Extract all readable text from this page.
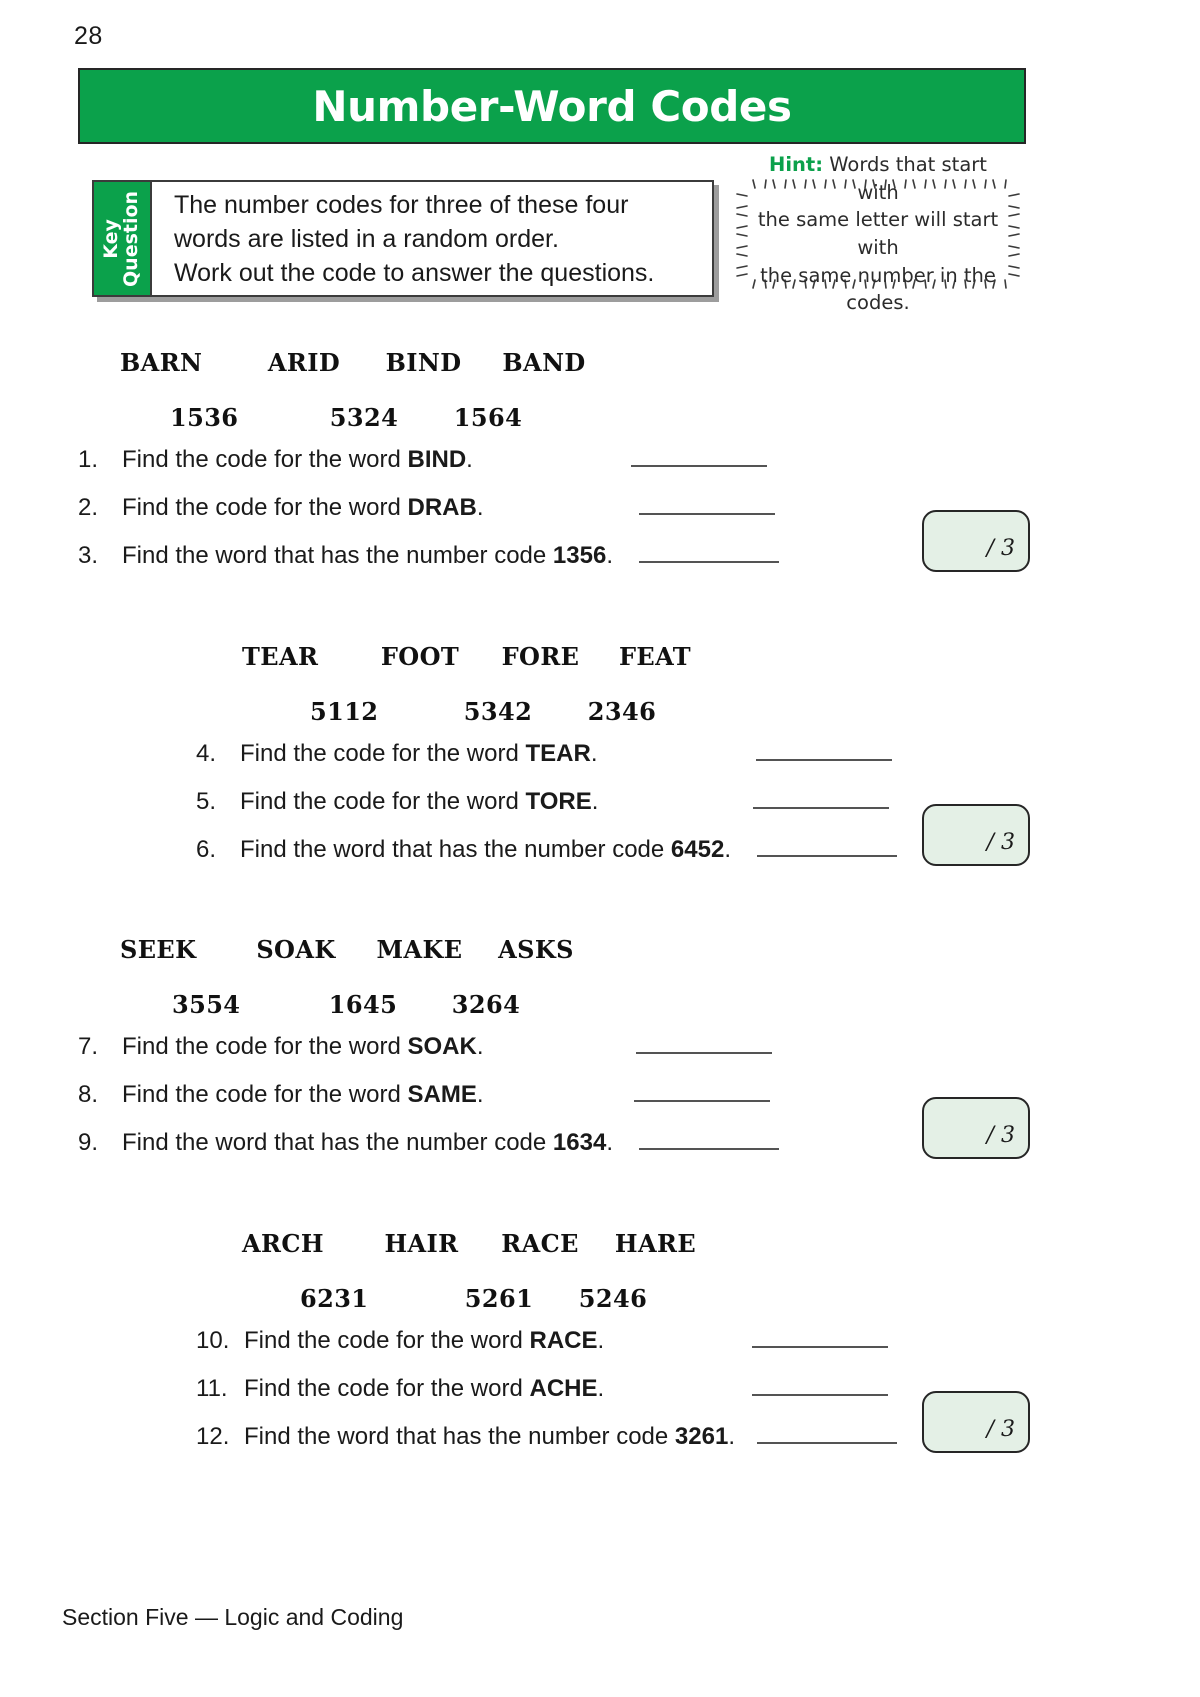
28
Number-Word Codes
Key
Question The number codes for three of these four
words are listed in a random order.
Work out the code to answer the questions.
Hint: Words that start with
the same letter will start with
the same number in the codes.
BARN	ARID	BIND	BAND
1536	5324	1564
1. Find the code for the word BIND.
2. Find the code for the word DRAB.
3. Find the word that has the number code 1356.	/ 3
TEAR	FOOT	FORE	FEAT
5112	5342	2346
4. Find the code for the word TEAR.
5. Find the code for the word TORE.
6. Find the word that has the number code 6452.	/ 3
SEEK	SOAK	MAKE	ASKS
3554	1645	3264
7. Find the code for the word SOAK.
8. Find the code for the word SAME.
9. Find the word that has the number code 1634.	/ 3
ARCH	HAIR	RACE	HARE
6231	5261	5246
10. Find the code for the word RACE.
11. Find the code for the word ACHE.
12. Find the word that has the number code 3261.	/ 3
Section Five — Logic and Coding
